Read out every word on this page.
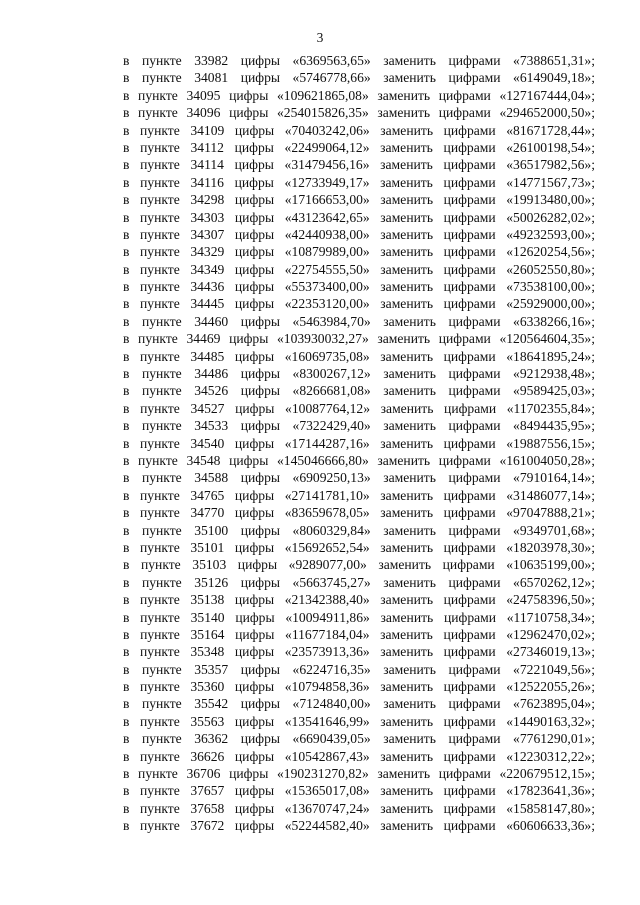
3
в пункте 33982 цифры «6369563,65» заменить цифрами «7388651,31»;
в пункте 34081 цифры «5746778,66» заменить цифрами «6149049,18»;
в пункте 34095 цифры «109621865,08» заменить цифрами «127167444,04»;
в пункте 34096 цифры «254015826,35» заменить цифрами «294652000,50»;
в пункте 34109 цифры «70403242,06» заменить цифрами «81671728,44»;
в пункте 34112 цифры «22499064,12» заменить цифрами «26100198,54»;
в пункте 34114 цифры «31479456,16» заменить цифрами «36517982,56»;
в пункте 34116 цифры «12733949,17» заменить цифрами «14771567,73»;
в пункте 34298 цифры «17166653,00» заменить цифрами «19913480,00»;
в пункте 34303 цифры «43123642,65» заменить цифрами «50026282,02»;
в пункте 34307 цифры «42440938,00» заменить цифрами «49232593,00»;
в пункте 34329 цифры «10879989,00» заменить цифрами «12620254,56»;
в пункте 34349 цифры «22754555,50» заменить цифрами «26052550,80»;
в пункте 34436 цифры «55373400,00» заменить цифрами «73538100,00»;
в пункте 34445 цифры «22353120,00» заменить цифрами «25929000,00»;
в пункте 34460 цифры «5463984,70» заменить цифрами «6338266,16»;
в пункте 34469 цифры «103930032,27» заменить цифрами «120564604,35»;
в пункте 34485 цифры «16069735,08» заменить цифрами «18641895,24»;
в пункте 34486 цифры «8300267,12» заменить цифрами «9212938,48»;
в пункте 34526 цифры «8266681,08» заменить цифрами «9589425,03»;
в пункте 34527 цифры «10087764,12» заменить цифрами «11702355,84»;
в пункте 34533 цифры «7322429,40» заменить цифрами «8494435,95»;
в пункте 34540 цифры «17144287,16» заменить цифрами «19887556,15»;
в пункте 34548 цифры «145046666,80» заменить цифрами «161004050,28»;
в пункте 34588 цифры «6909250,13» заменить цифрами «7910164,14»;
в пункте 34765 цифры «27141781,10» заменить цифрами «31486077,14»;
в пункте 34770 цифры «83659678,05» заменить цифрами «97047888,21»;
в пункте 35100 цифры «8060329,84» заменить цифрами «9349701,68»;
в пункте 35101 цифры «15692652,54» заменить цифрами «18203978,30»;
в пункте 35103 цифры «9289077,00» заменить цифрами «10635199,00»;
в пункте 35126 цифры «5663745,27» заменить цифрами «6570262,12»;
в пункте 35138 цифры «21342388,40» заменить цифрами «24758396,50»;
в пункте 35140 цифры «10094911,86» заменить цифрами «11710758,34»;
в пункте 35164 цифры «11677184,04» заменить цифрами «12962470,02»;
в пункте 35348 цифры «23573913,36» заменить цифрами «27346019,13»;
в пункте 35357 цифры «6224716,35» заменить цифрами «7221049,56»;
в пункте 35360 цифры «10794858,36» заменить цифрами «12522055,26»;
в пункте 35542 цифры «7124840,00» заменить цифрами «7623895,04»;
в пункте 35563 цифры «13541646,99» заменить цифрами «14490163,32»;
в пункте 36362 цифры «6690439,05» заменить цифрами «7761290,01»;
в пункте 36626 цифры «10542867,43» заменить цифрами «12230312,22»;
в пункте 36706 цифры «190231270,82» заменить цифрами «220679512,15»;
в пункте 37657 цифры «15365017,08» заменить цифрами «17823641,36»;
в пункте 37658 цифры «13670747,24» заменить цифрами «15858147,80»;
в пункте 37672 цифры «52244582,40» заменить цифрами «60606633,36»;
